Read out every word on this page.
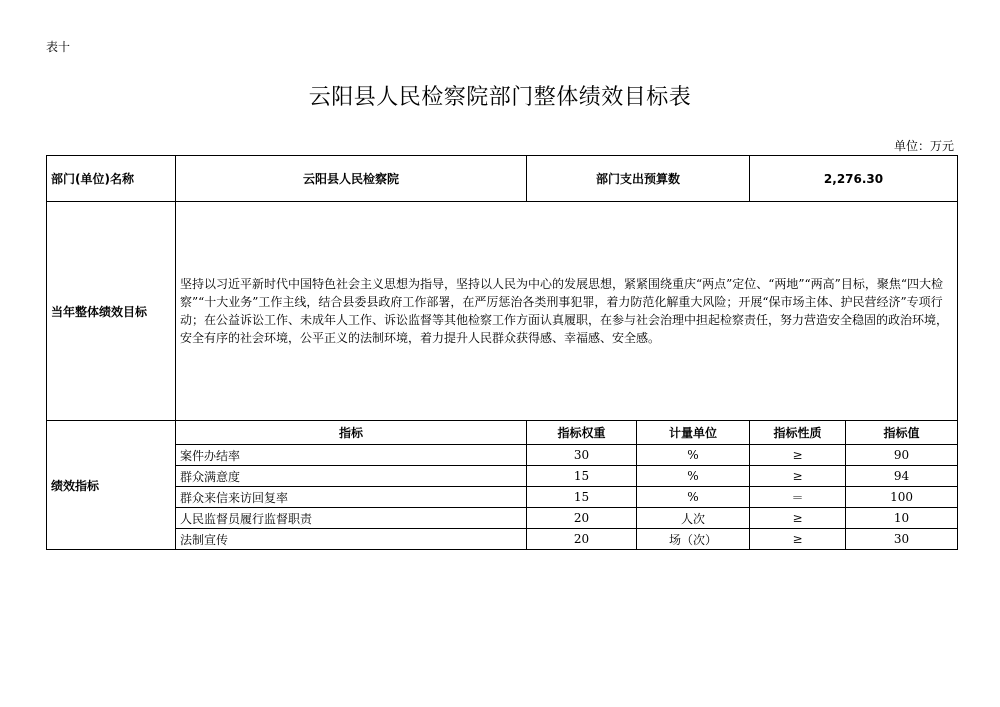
表十
云阳县人民检察院部门整体绩效目标表
单位：万元
部门(单位)名称	云阳县人民检察院	部门支出预算数		2,276.30	
当年整体绩效目标	坚持以习近平新时代中国特色社会主义思想为指导，坚持以人民为中心的发展思想，紧紧围绕重庆“两点”定位、“两地”“两高”目标，聚焦“四大检察”“十大业务”工作主线，结合县委县政府工作部署，在严厉惩治各类刑事犯罪，着力防范化解重大风险；开展“保市场主体、护民营经济”专项行动；在公益诉讼工作、未成年人工作、诉讼监督等其他检察工作方面认真履职，在参与社会治理中担起检察责任，努力营造安全稳固的政治环境，安全有序的社会环境，公平正义的法制环境，着力提升人民群众获得感、幸福感、安全感。				
绩效指标	指标	指标权重	计量单位	指标性质	指标值
	案件办结率	30	%	≥	90
	群众满意度	15	%	≥	94
	群众来信来访回复率	15	%	＝	100
	人民监督员履行监督职责	20	人次	≥	10
	法制宣传	20	场（次）	≥	30
